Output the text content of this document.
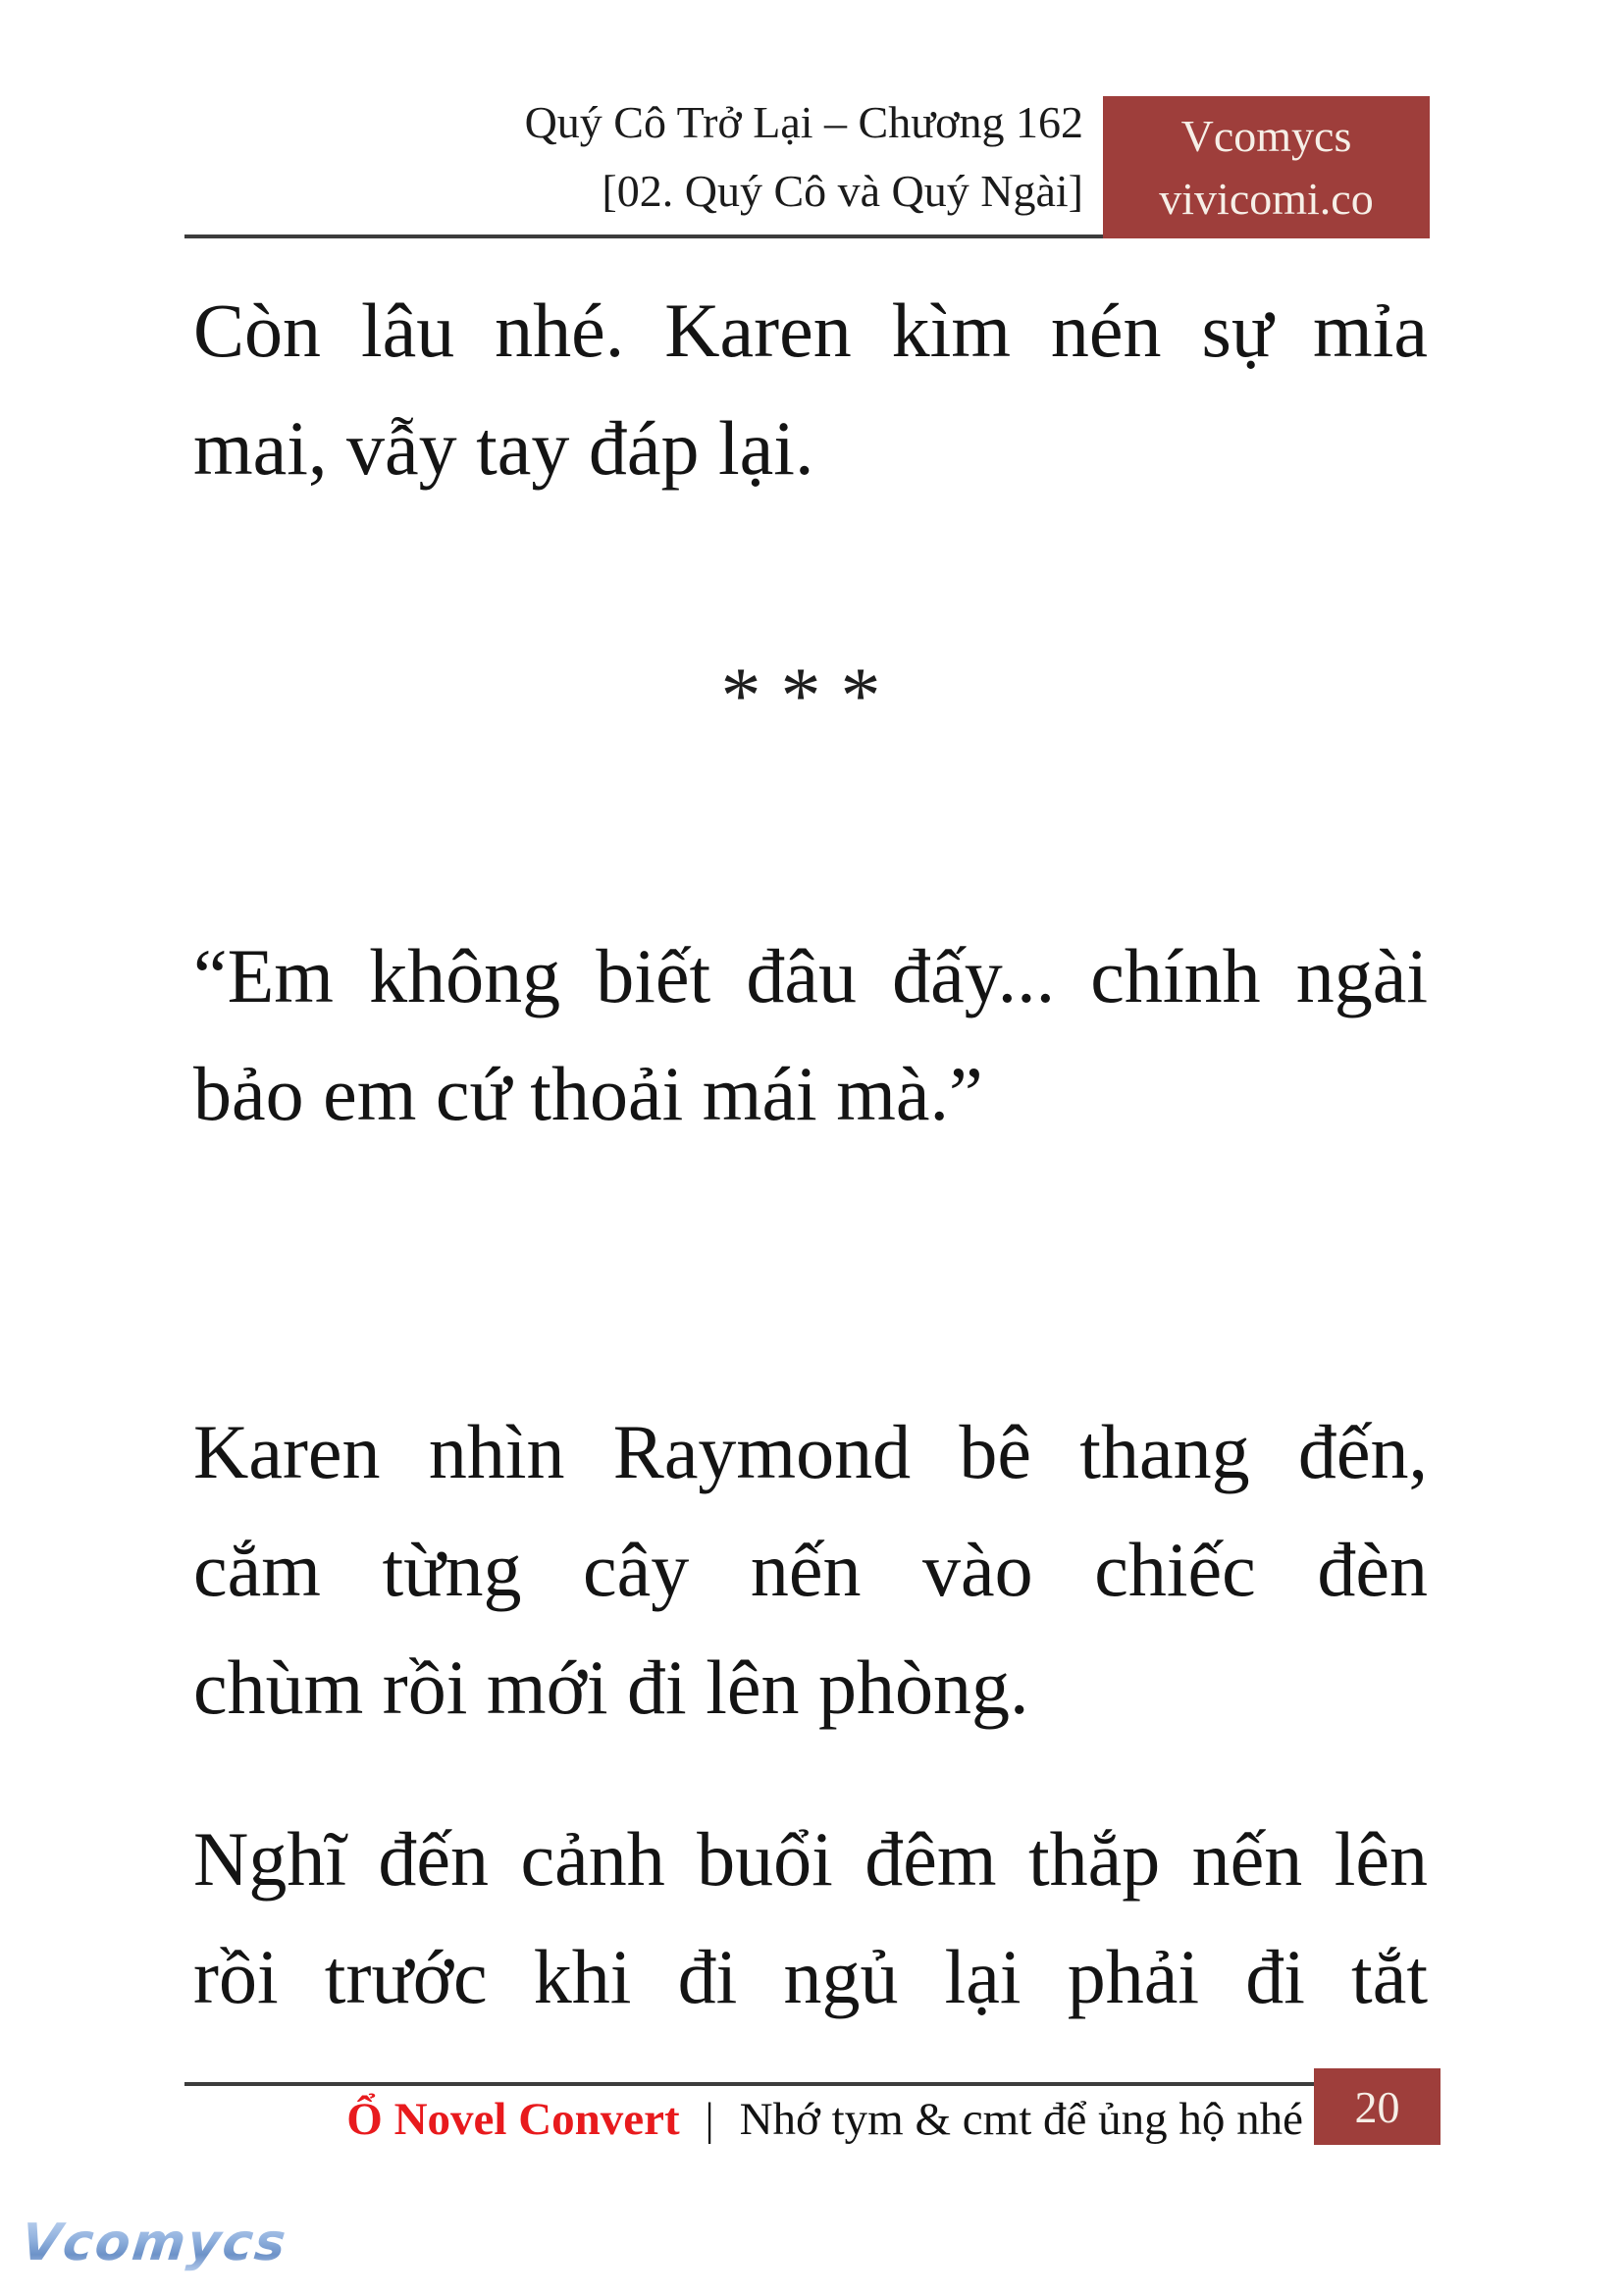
Quý Cô Trở Lại – Chương 162
[02. Quý Cô và Quý Ngài]
Vcomycs
vivicomi.co
Còn lâu nhé. Karen kìm nén sự mỉa
mai, vẫy tay đáp lại.
***
“Em không biết đâu đấy... chính ngài
bảo em cứ thoải mái mà.”
Karen nhìn Raymond bê thang đến,
cắm từng cây nến vào chiếc đèn
chùm rồi mới đi lên phòng.
Nghĩ đến cảnh buổi đêm thắp nến lên
rồi trước khi đi ngủ lại phải đi tắt
Ổ Novel Convert | Nhớ tym & cmt để ủng hộ nhé 20
Vcomycs
